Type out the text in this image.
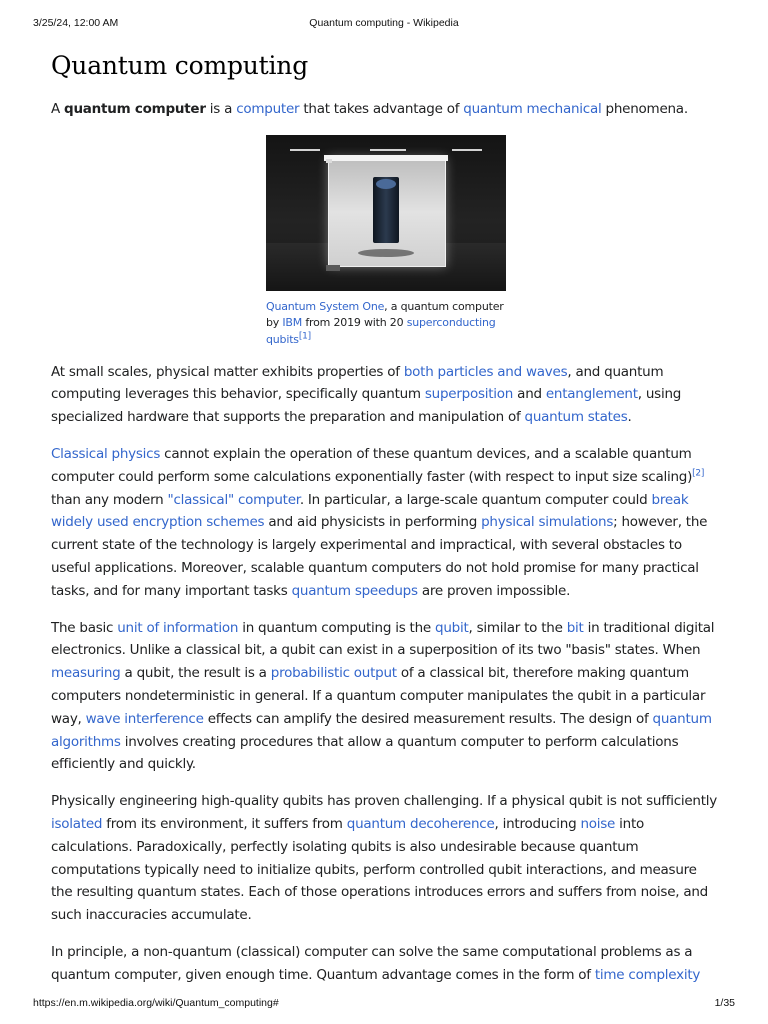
3/25/24, 12:00 AM	Quantum computing - Wikipedia
Quantum computing

A quantum computer is a computer that takes advantage of quantum mechanical phenomena.

Quantum System One, a quantum computer by IBM from 2019 with 20 superconducting qubits[1]

At small scales, physical matter exhibits properties of both particles and waves, and quantum computing leverages this behavior, specifically quantum superposition and entanglement, using specialized hardware that supports the preparation and manipulation of quantum states.

Classical physics cannot explain the operation of these quantum devices, and a scalable quantum computer could perform some calculations exponentially faster (with respect to input size scaling)[2] than any modern "classical" computer. In particular, a large-scale quantum computer could break widely used encryption schemes and aid physicists in performing physical simulations; however, the current state of the technology is largely experimental and impractical, with several obstacles to useful applications. Moreover, scalable quantum computers do not hold promise for many practical tasks, and for many important tasks quantum speedups are proven impossible.

The basic unit of information in quantum computing is the qubit, similar to the bit in traditional digital electronics. Unlike a classical bit, a qubit can exist in a superposition of its two "basis" states. When measuring a qubit, the result is a probabilistic output of a classical bit, therefore making quantum computers nondeterministic in general. If a quantum computer manipulates the qubit in a particular way, wave interference effects can amplify the desired measurement results. The design of quantum algorithms involves creating procedures that allow a quantum computer to perform calculations efficiently and quickly.

Physically engineering high-quality qubits has proven challenging. If a physical qubit is not sufficiently isolated from its environment, it suffers from quantum decoherence, introducing noise into calculations. Paradoxically, perfectly isolating qubits is also undesirable because quantum computations typically need to initialize qubits, perform controlled qubit interactions, and measure the resulting quantum states. Each of those operations introduces errors and suffers from noise, and such inaccuracies accumulate.

In principle, a non-quantum (classical) computer can solve the same computational problems as a quantum computer, given enough time. Quantum advantage comes in the form of time complexity

https://en.m.wikipedia.org/wiki/Quantum_computing#	1/35
